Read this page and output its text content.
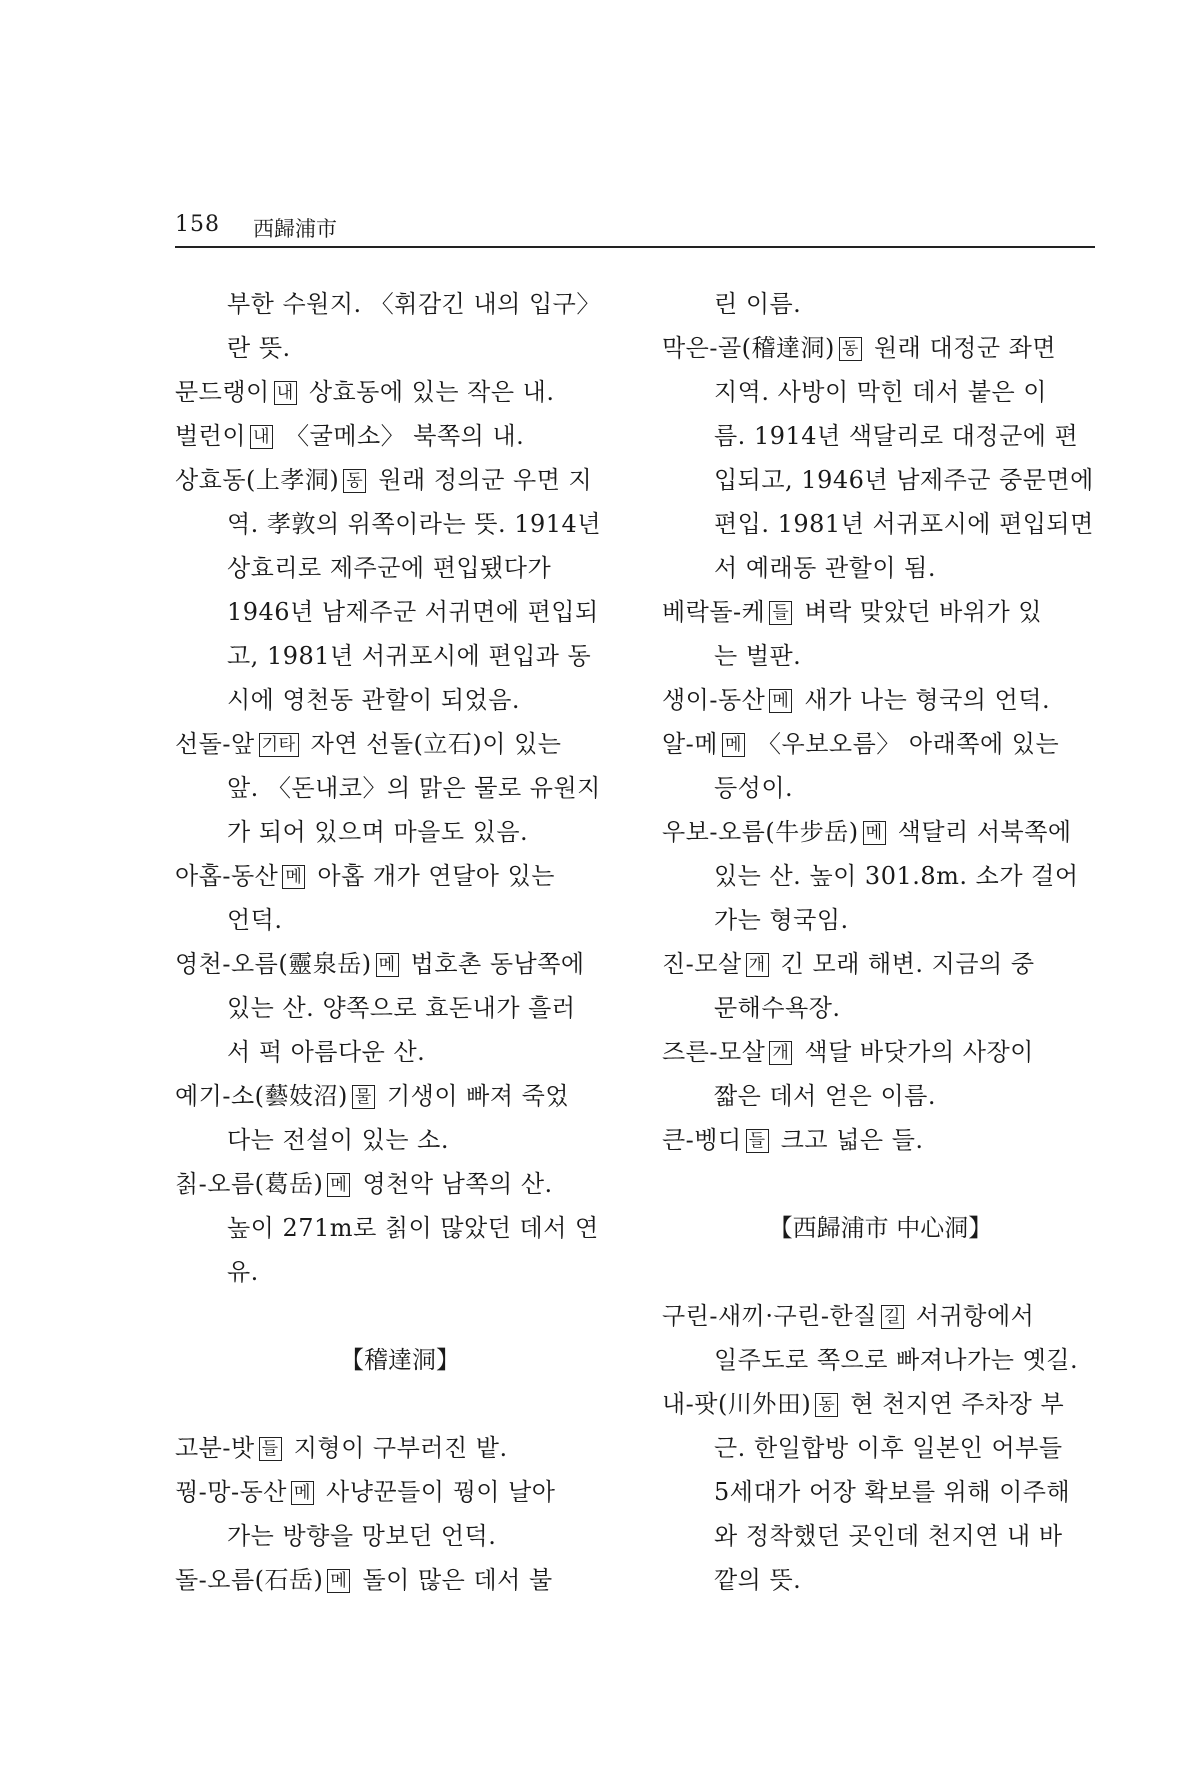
158 西歸浦市
부한 수원지. 〈휘감긴 내의 입구〉
란 뜻.
문드랭이 내 상효동에 있는 작은 내.
벌런이 내 〈굴메소〉 북쪽의 내.
상효동(上孝洞) 동 원래 정의군 우면 지
역. 孝敦의 위쪽이라는 뜻. 1914년
상효리로 제주군에 편입됐다가
1946년 남제주군 서귀면에 편입되
고, 1981년 서귀포시에 편입과 동
시에 영천동 관할이 되었음.
선돌-앞 기타 자연 선돌(立石)이 있는
앞. 〈돈내코〉의 맑은 물로 유원지
가 되어 있으며 마을도 있음.
아홉-동산 메 아홉 개가 연달아 있는
언덕.
영천-오름(靈泉岳) 메 법호촌 동남쪽에
있는 산. 양쪽으로 효돈내가 흘러
서 퍽 아름다운 산.
예기-소(藝妓沼) 물 기생이 빠져 죽었
다는 전설이 있는 소.
칡-오름(葛岳) 메 영천악 남쪽의 산.
높이 271m로 칡이 많았던 데서 연
유.
【稽達洞】
고분-밧 들 지형이 구부러진 밭.
꿩-망-동산 메 사냥꾼들이 꿩이 날아
가는 방향을 망보던 언덕.
돌-오름(石岳) 메 돌이 많은 데서 불
린 이름.
막은-골(稽達洞) 동 원래 대정군 좌면
지역. 사방이 막힌 데서 붙은 이
름. 1914년 색달리로 대정군에 편
입되고, 1946년 남제주군 중문면에
편입. 1981년 서귀포시에 편입되면
서 예래동 관할이 됨.
베락돌-케 들 벼락 맞았던 바위가 있
는 벌판.
생이-동산 메 새가 나는 형국의 언덕.
알-메 메 〈우보오름〉 아래쪽에 있는
등성이.
우보-오름(牛步岳) 메 색달리 서북쪽에
있는 산. 높이 301.8m. 소가 걸어
가는 형국임.
진-모살 개 긴 모래 해변. 지금의 중
문해수욕장.
즈른-모살 개 색달 바닷가의 사장이
짧은 데서 얻은 이름.
큰-벵디 들 크고 넓은 들.
【西歸浦市 中心洞】
구린-새끼·구린-한질 길 서귀항에서
일주도로 쪽으로 빠져나가는 옛길.
내-팟(川外田) 동 현 천지연 주차장 부
근. 한일합방 이후 일본인 어부들
5세대가 어장 확보를 위해 이주해
와 정착했던 곳인데 천지연 내 바
깥의 뜻.
